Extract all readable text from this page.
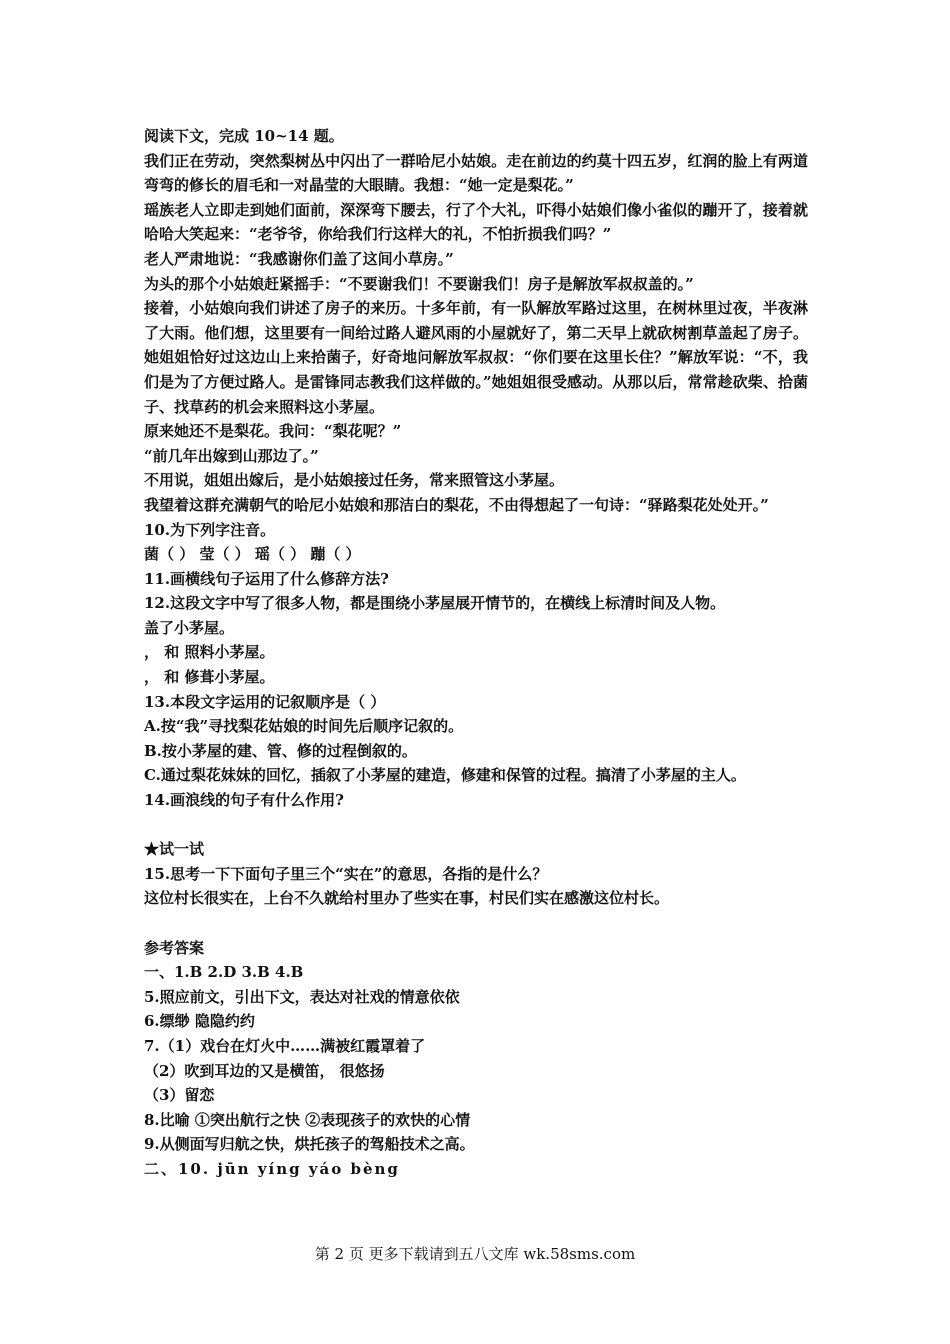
阅读下文，完成 10~14 题。

我们正在劳动，突然梨树丛中闪出了一群哈尼小姑娘。走在前边的约莫十四五岁，红润的脸上有两道弯弯的修长的眉毛和一对晶莹的大眼睛。我想：“她一定是梨花。”

瑶族老人立即走到她们面前，深深弯下腰去，行了个大礼，吓得小姑娘们像小雀似的蹦开了，接着就哈哈大笑起来：“老爷爷，你给我们行这样大的礼，不怕折损我们吗？”

老人严肃地说：“我感谢你们盖了这间小草房。”

为头的那个小姑娘赶紧摇手：“不要谢我们！不要谢我们！房子是解放军叔叔盖的。”

接着，小姑娘向我们讲述了房子的来历。十多年前，有一队解放军路过这里，在树林里过夜，半夜淋了大雨。他们想，这里要有一间给过路人避风雨的小屋就好了，第二天早上就砍树割草盖起了房子。她姐姐恰好过这边山上来拾菌子，好奇地问解放军叔叔：“你们要在这里长住？”解放军说：“不，我们是为了方便过路人。是雷锋同志教我们这样做的。”她姐姐很受感动。从那以后，常常趁砍柴、拾菌子、找草药的机会来照料这小茅屋。

原来她还不是梨花。我问：“梨花呢？”

“前几年出嫁到山那边了。”

不用说，姐姐出嫁后，是小姑娘接过任务，常来照管这小茅屋。

我望着这群充满朝气的哈尼小姑娘和那洁白的梨花，不由得想起了一句诗：“驿路梨花处处开。”

10.为下列字注音。

菌（ ） 莹（ ） 瑶（ ） 蹦（ ）

11.画横线句子运用了什么修辞方法?

12.这段文字中写了很多人物，都是围绕小茅屋展开情节的，在横线上标清时间及人物。

盖了小茅屋。

， 和 照料小茅屋。

， 和 修葺小茅屋。

13.本段文字运用的记叙顺序是（ ）

A.按“我”寻找梨花姑娘的时间先后顺序记叙的。

B.按小茅屋的建、管、修的过程倒叙的。

C.通过梨花妹妹的回忆，插叙了小茅屋的建造，修建和保管的过程。搞清了小茅屋的主人。

14.画浪线的句子有什么作用?

★试一试

15.思考一下下面句子里三个“实在”的意思，各指的是什么？

这位村长很实在，上台不久就给村里办了些实在事，村民们实在感激这位村长。

参考答案

一、1.B 2.D 3.B 4.B

5.照应前文，引出下文，表达对社戏的情意依依

6.缥缈 隐隐约约

7.（1）戏台在灯火中……满被红霞罩着了

（2）吹到耳边的又是横笛， 很悠扬

（3）留恋

8.比喻 ①突出航行之快 ②表现孩子的欢快的心情

9.从侧面写归航之快，烘托孩子的驾船技术之高。

二、10. jūn yíng yáo bèng

第 2 页 更多下载请到五八文库 wk.58sms.com
